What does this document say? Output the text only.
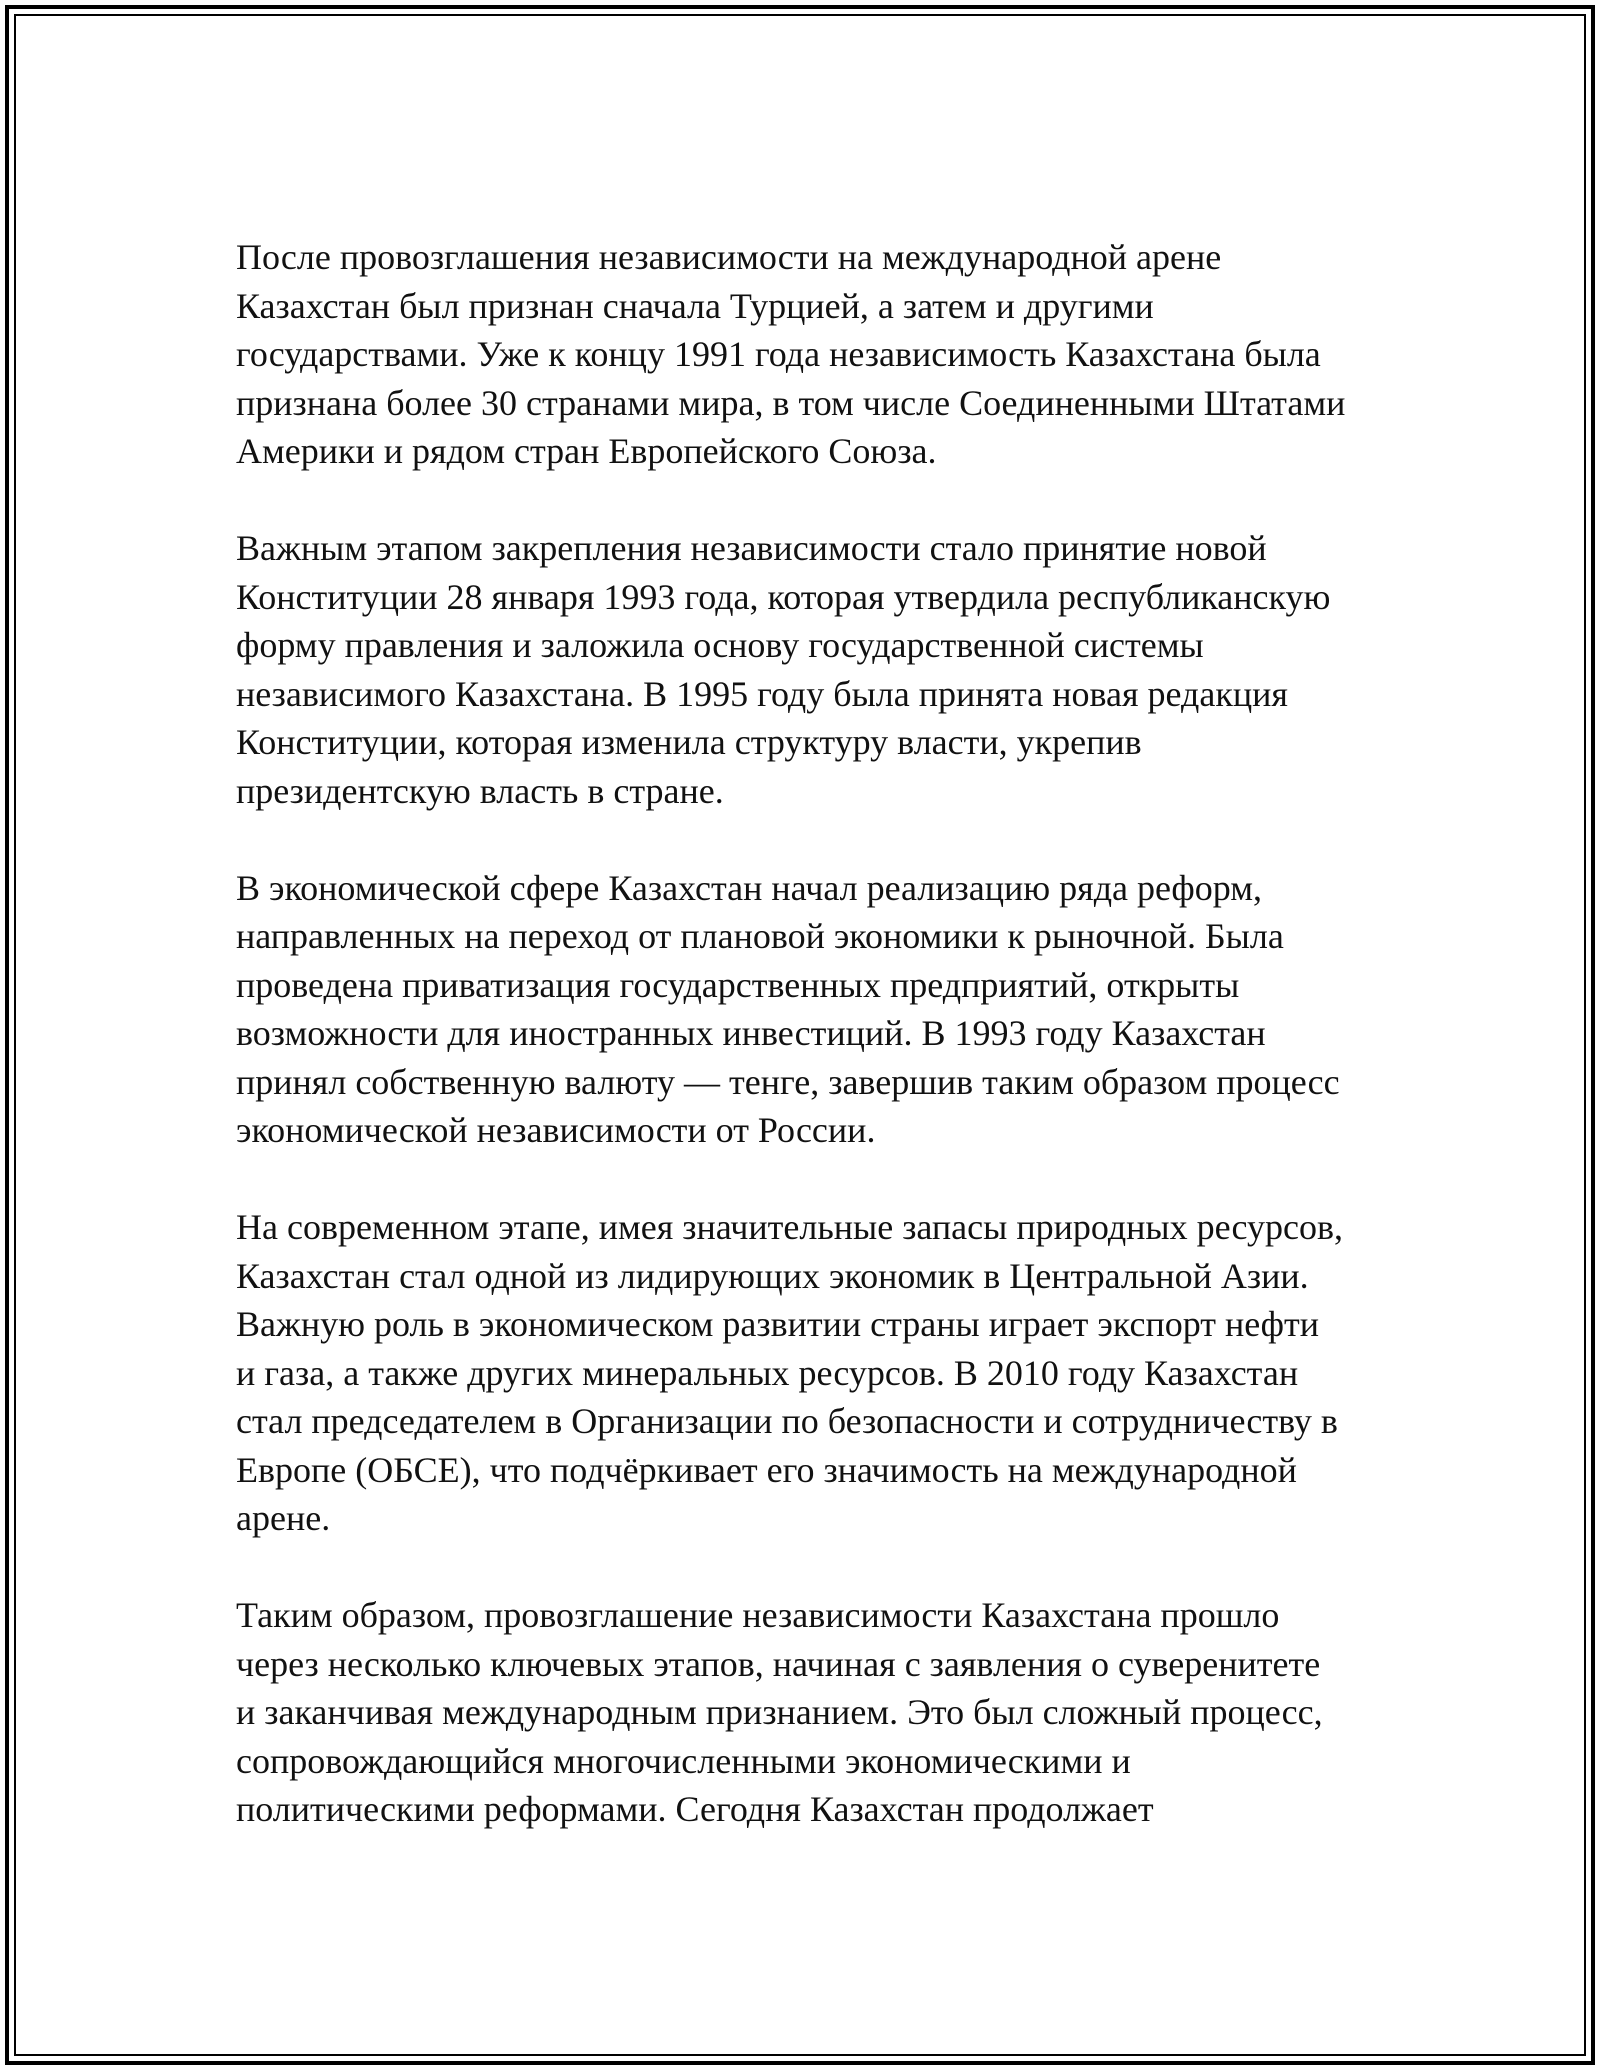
После провозглашения независимости на международной арене
Казахстан был признан сначала Турцией, а затем и другими
государствами. Уже к концу 1991 года независимость Казахстана была
признана более 30 странами мира, в том числе Соединенными Штатами
Америки и рядом стран Европейского Союза.
Важным этапом закрепления независимости стало принятие новой
Конституции 28 января 1993 года, которая утвердила республиканскую
форму правления и заложила основу государственной системы
независимого Казахстана. В 1995 году была принята новая редакция
Конституции, которая изменила структуру власти, укрепив
президентскую власть в стране.
В экономической сфере Казахстан начал реализацию ряда реформ,
направленных на переход от плановой экономики к рыночной. Была
проведена приватизация государственных предприятий, открыты
возможности для иностранных инвестиций. В 1993 году Казахстан
принял собственную валюту — тенге, завершив таким образом процесс
экономической независимости от России.
На современном этапе, имея значительные запасы природных ресурсов,
Казахстан стал одной из лидирующих экономик в Центральной Азии.
Важную роль в экономическом развитии страны играет экспорт нефти
и газа, а также других минеральных ресурсов. В 2010 году Казахстан
стал председателем в Организации по безопасности и сотрудничеству в
Европе (ОБСЕ), что подчёркивает его значимость на международной
арене.
Таким образом, провозглашение независимости Казахстана прошло
через несколько ключевых этапов, начиная с заявления о суверенитете
и заканчивая международным признанием. Это был сложный процесс,
сопровождающийся многочисленными экономическими и
политическими реформами. Сегодня Казахстан продолжает
